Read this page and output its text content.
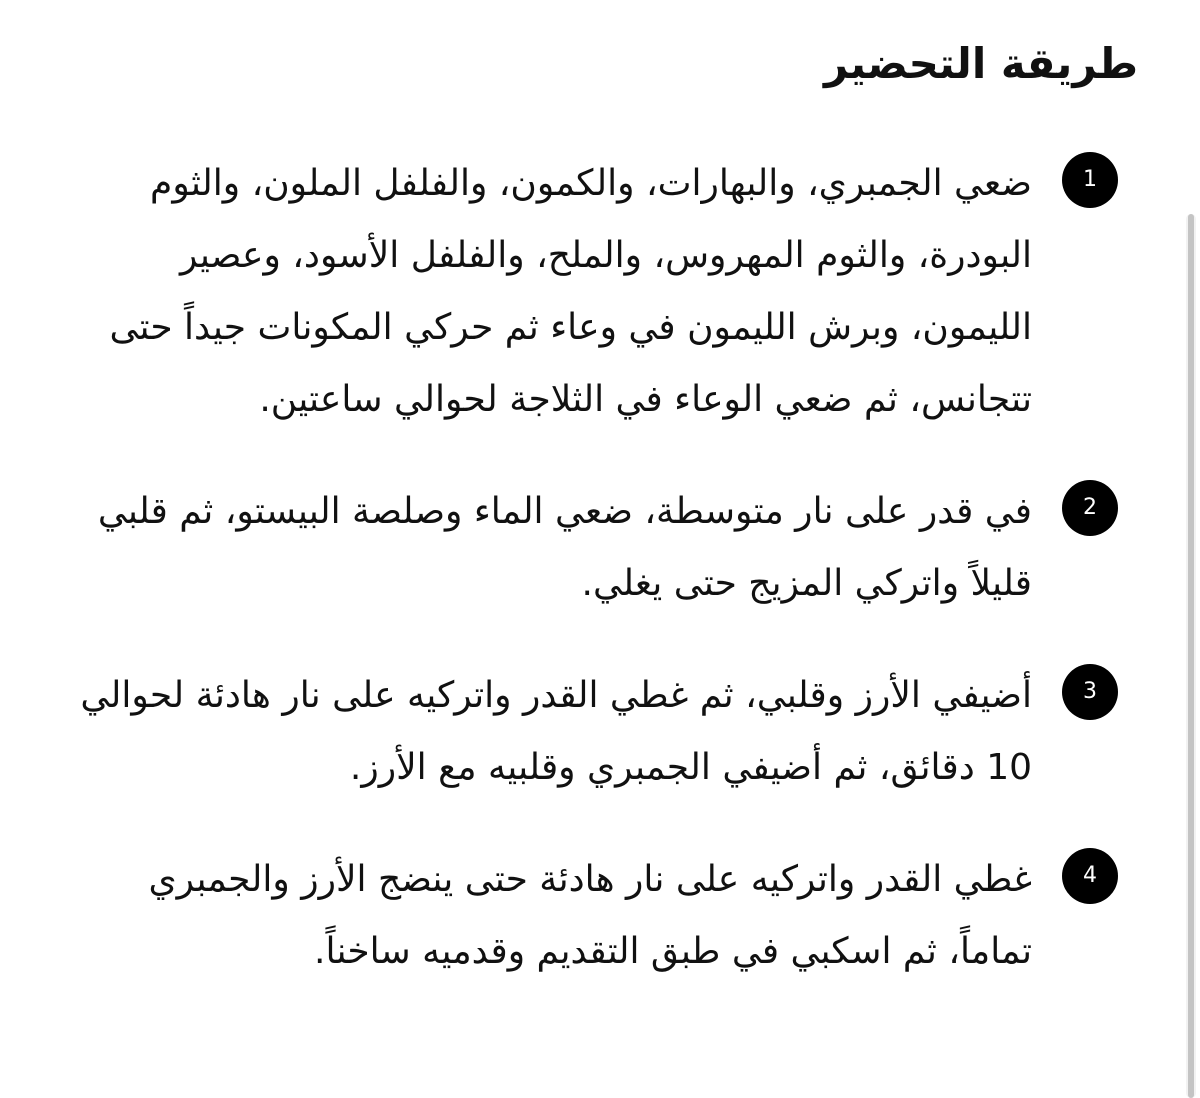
طريقة التحضير
1

ضعي الجمبري، والبهارات، والكمون، والفلفل الملون، والثوم البودرة، والثوم المهروس، والملح، والفلفل الأسود، وعصير الليمون، وبرش الليمون في وعاء ثم حركي المكونات جيداً حتى تتجانس، ثم ضعي الوعاء في الثلاجة لحوالي ساعتين.

2

في قدر على نار متوسطة، ضعي الماء وصلصة البيستو، ثم قلبي قليلاً واتركي المزيج حتى يغلي.

3

أضيفي الأرز وقلبي، ثم غطي القدر واتركيه على نار هادئة لحوالي 10 دقائق، ثم أضيفي الجمبري وقلبيه مع الأرز.

4

غطي القدر واتركيه على نار هادئة حتى ينضج الأرز والجمبري تماماً، ثم اسكبي في طبق التقديم وقدميه ساخناً.
